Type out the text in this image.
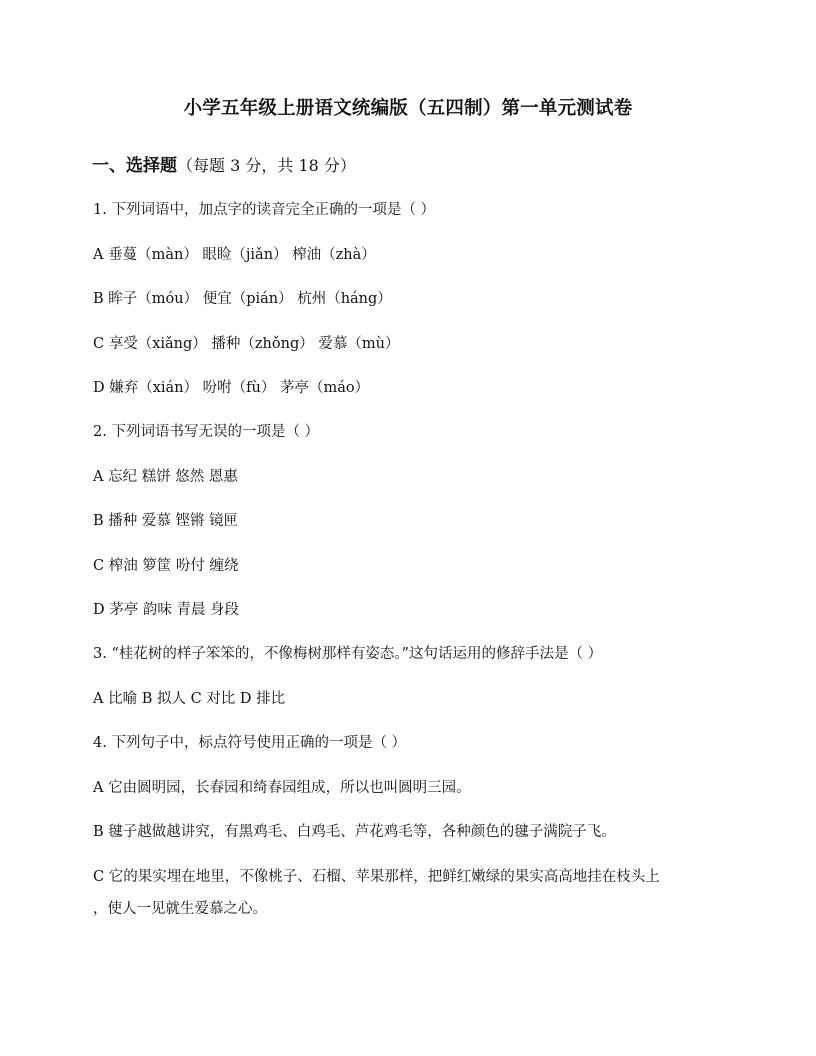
小学五年级上册语文统编版（五四制）第一单元测试卷
一、选择题（每题 3 分，共 18 分）
1. 下列词语中，加点字的读音完全正确的一项是（ ）
A 垂蔓（màn） 眼睑（jiǎn） 榨油（zhà）
B 眸子（móu） 便宜（pián） 杭州（háng）
C 享受（xiǎng） 播种（zhǒng） 爱慕（mù）
D 嫌弃（xián） 吩咐（fù） 茅亭（máo）
2. 下列词语书写无误的一项是（ ）
A 忘纪 糕饼 悠然 恩惠
B 播种 爱慕 铿锵 镜匣
C 榨油 箩筐 吩付 缠绕
D 茅亭 韵味 青晨 身段
3. “桂花树的样子笨笨的，不像梅树那样有姿态。”这句话运用的修辞手法是（ ）
A 比喻 B 拟人 C 对比 D 排比
4. 下列句子中，标点符号使用正确的一项是（ ）
A 它由圆明园，长春园和绮春园组成，所以也叫圆明三园。
B 毽子越做越讲究，有黑鸡毛、白鸡毛、芦花鸡毛等，各种颜色的毽子满院子飞。
C 它的果实埋在地里，不像桃子、石榴、苹果那样，把鲜红嫩绿的果实高高地挂在枝头上
，使人一见就生爱慕之心。
